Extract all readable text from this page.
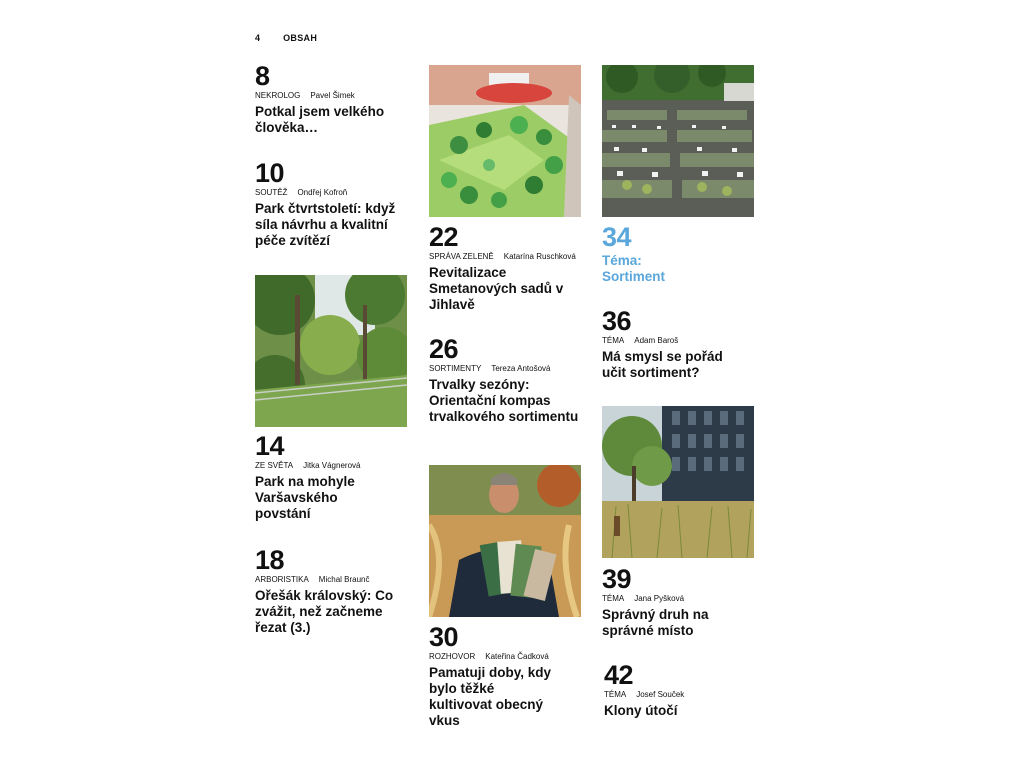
4	OBSAH
8
NEKROLOG Pavel Šimek
Potkal jsem velkého člověka…
10
SOUTĚŽ Ondřej Kofroň
Park čtvrtstoletí: když síla návrhu a kvalitní péče zvítězí
14
ZE SVĚTA Jitka Vágnerová
Park na mohyle Varšavského povstání
18
ARBORISTIKA Michal Braunč
Ořešák královský: Co zvážit, než začneme řezat (3.)
22
SPRÁVA ZELENĚ Katarína Ruschková
Revitalizace Smetanových sadů v Jihlavě
26
SORTIMENTY Tereza Antošová
Trvalky sezóny: Orientační kompas trvalkového sortimentu
30
ROZHOVOR Kateřina Čadková
Pamatuji doby, kdy bylo těžké kultivovat obecný vkus
34
Téma: Sortiment
36
TÉMA Adam Baroš
Má smysl se pořád učit sortiment?
39
TÉMA Jana Pyšková
Správný druh na správné místo
42
TÉMA Josef Souček
Klony útočí
